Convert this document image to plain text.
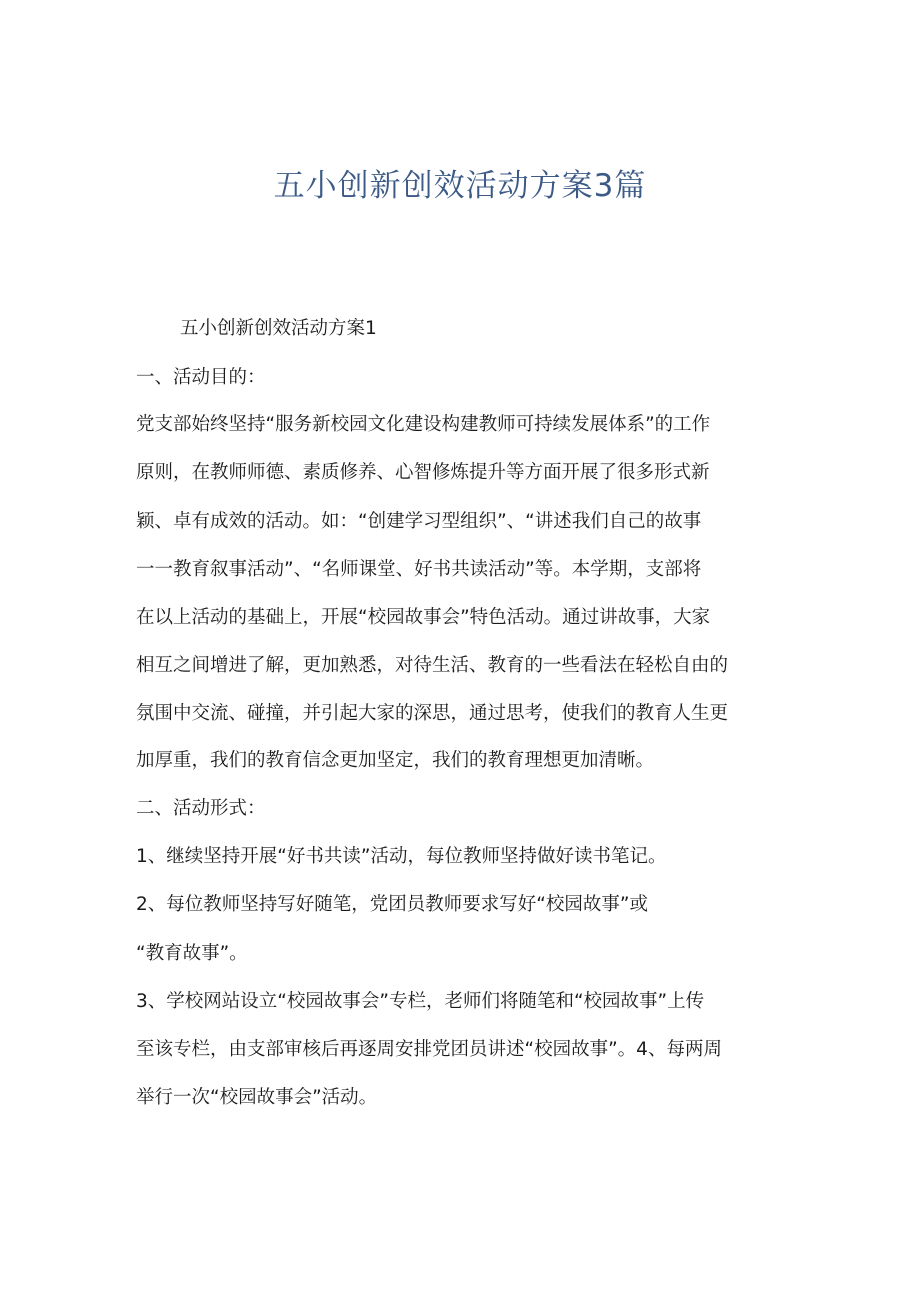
五小创新创效活动方案3篇
五小创新创效活动方案1
一、活动目的：
党支部始终坚持“服务新校园文化建设构建教师可持续发展体系”的工作
原则，在教师师德、素质修养、心智修炼提升等方面开展了很多形式新
颖、卓有成效的活动。如：“创建学习型组织”、“讲述我们自己的故事
一一教育叙事活动”、“名师课堂、好书共读活动”等。本学期，支部将
在以上活动的基础上，开展“校园故事会”特色活动。通过讲故事，大家
相互之间增进了解，更加熟悉，对待生活、教育的一些看法在轻松自由的
氛围中交流、碰撞，并引起大家的深思，通过思考，使我们的教育人生更
加厚重，我们的教育信念更加坚定，我们的教育理想更加清晰。
二、活动形式：
1、继续坚持开展“好书共读”活动，每位教师坚持做好读书笔记。
2、每位教师坚持写好随笔，党团员教师要求写好“校园故事”或
“教育故事”。
3、学校网站设立“校园故事会”专栏，老师们将随笔和“校园故事”上传
至该专栏，由支部审核后再逐周安排党团员讲述“校园故事”。4、每两周
举行一次“校园故事会”活动。
